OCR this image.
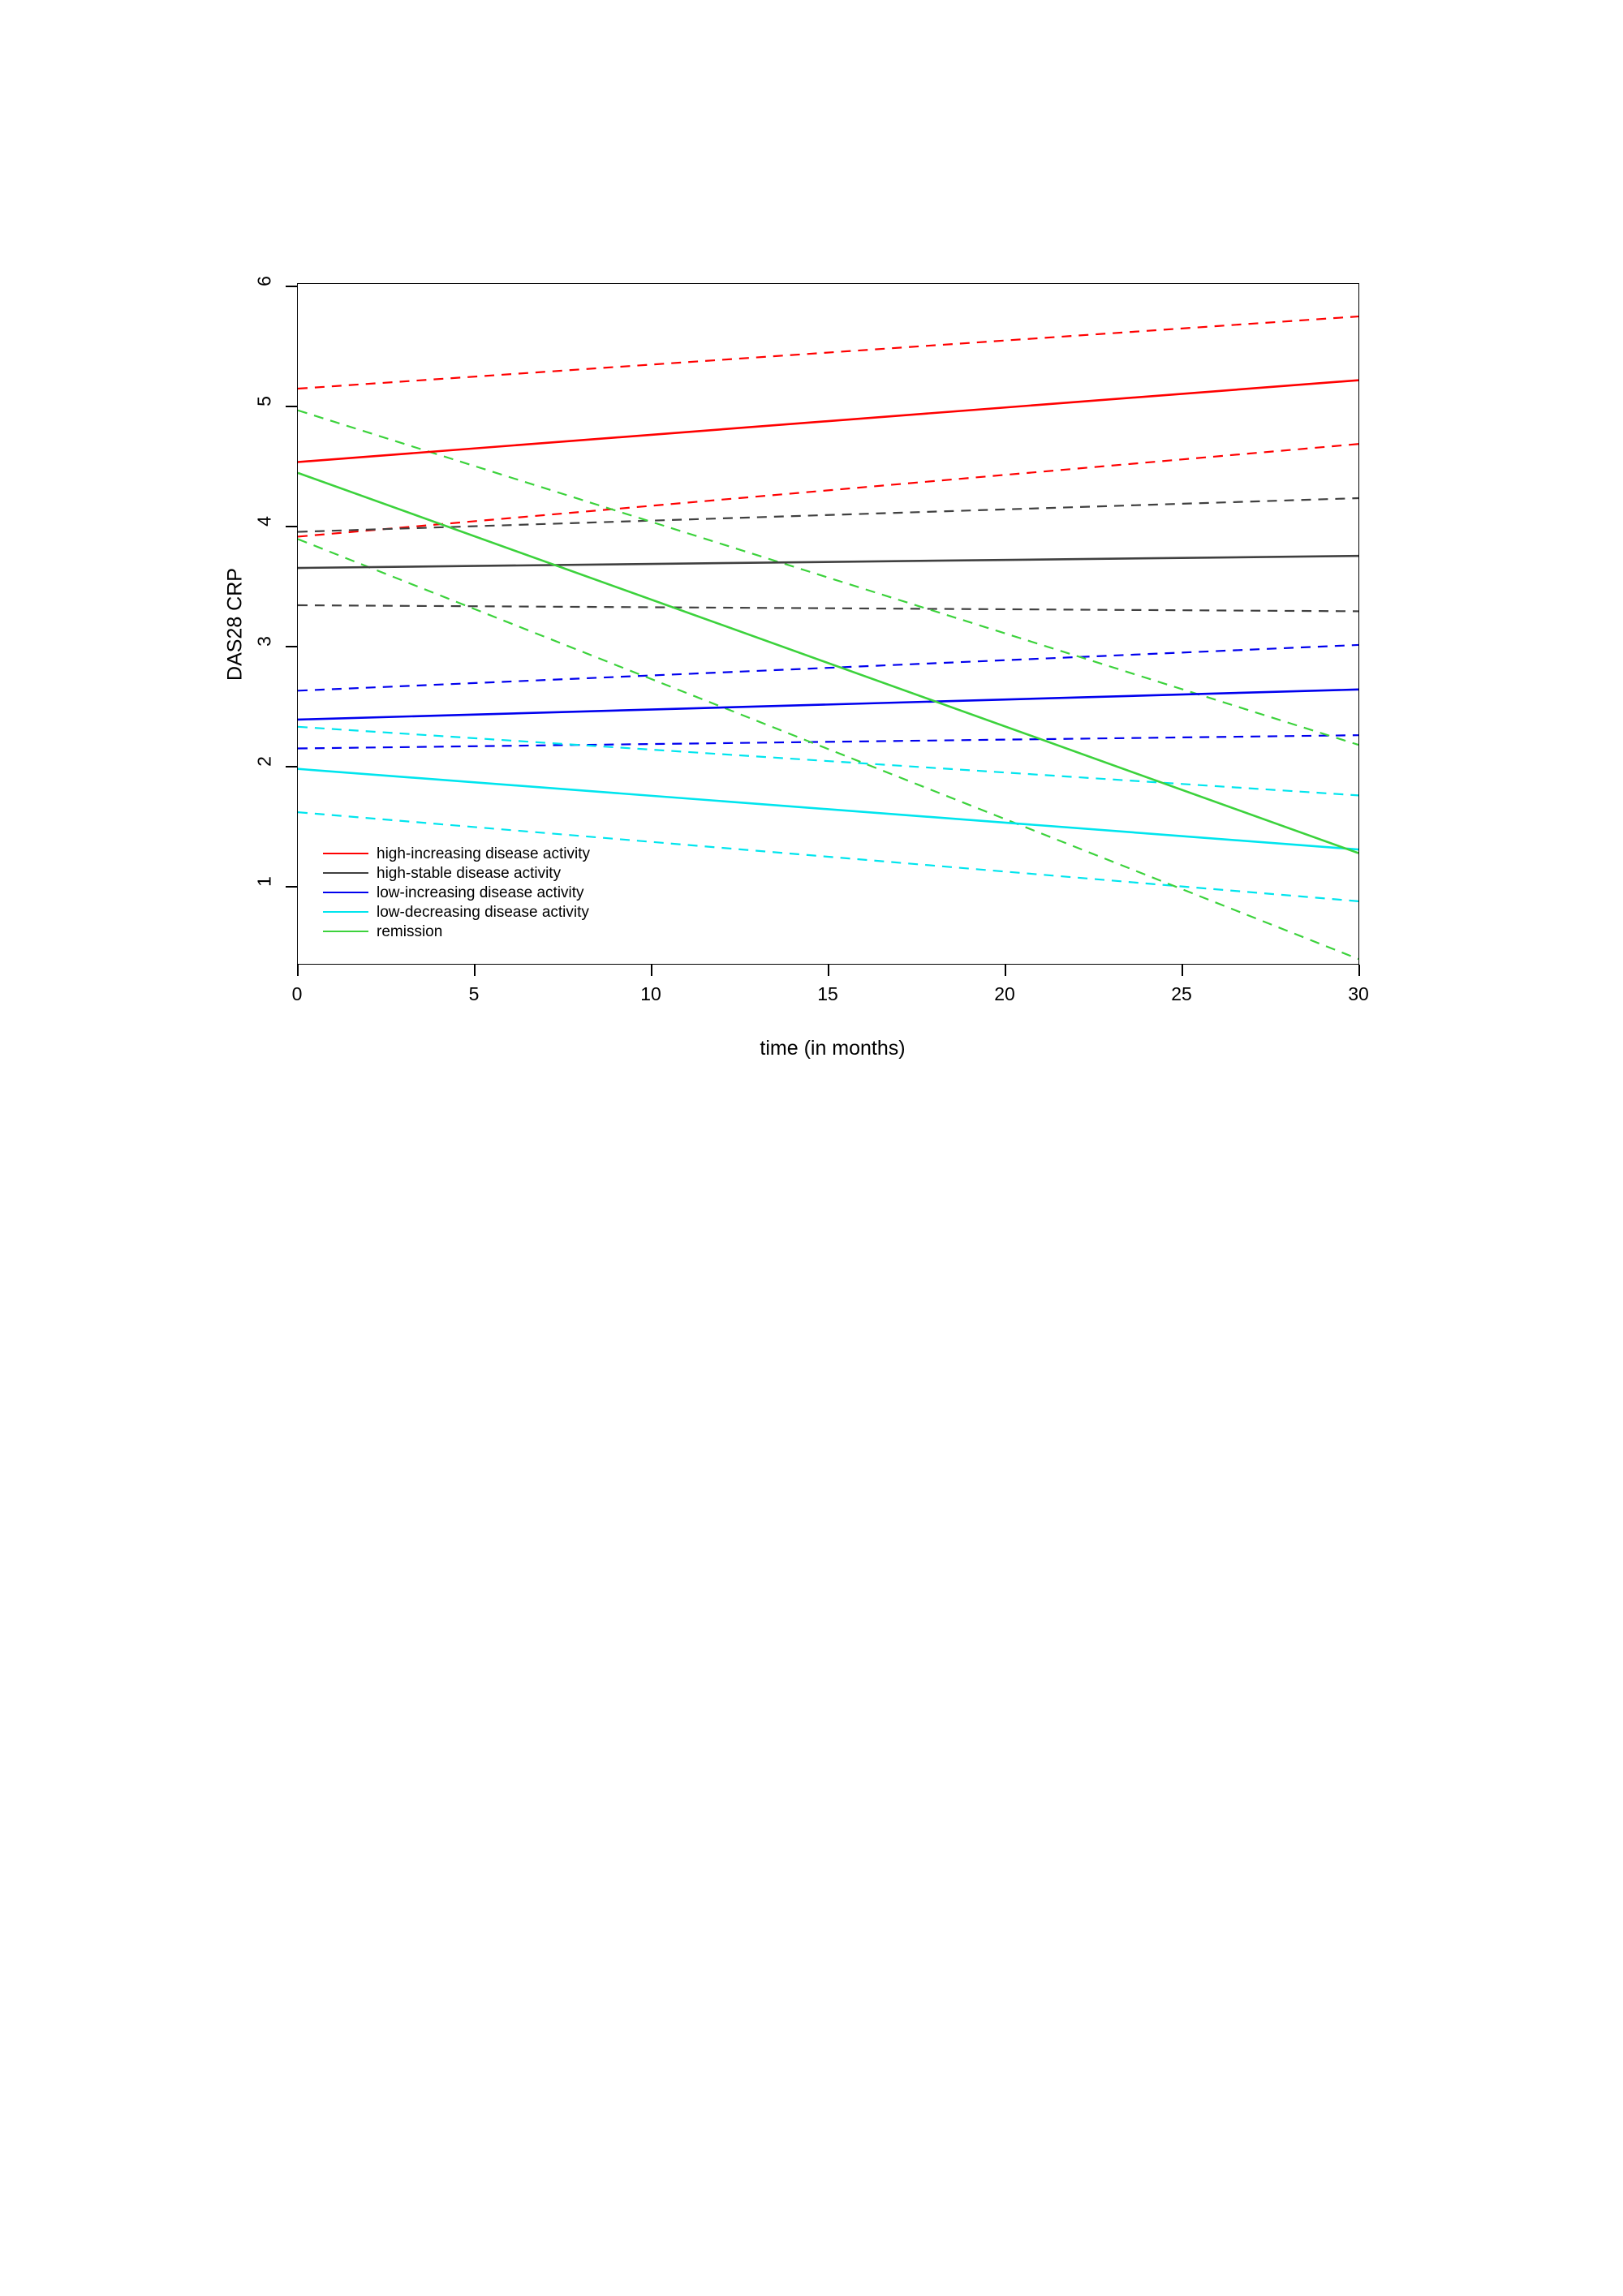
DAS28 CRP
1
2
3
4
5
6
0	5	10	15	20	25	30
time (in months)
high-increasing disease activity
high-stable disease activity
low-increasing disease activity
low-decreasing disease activity
remission
